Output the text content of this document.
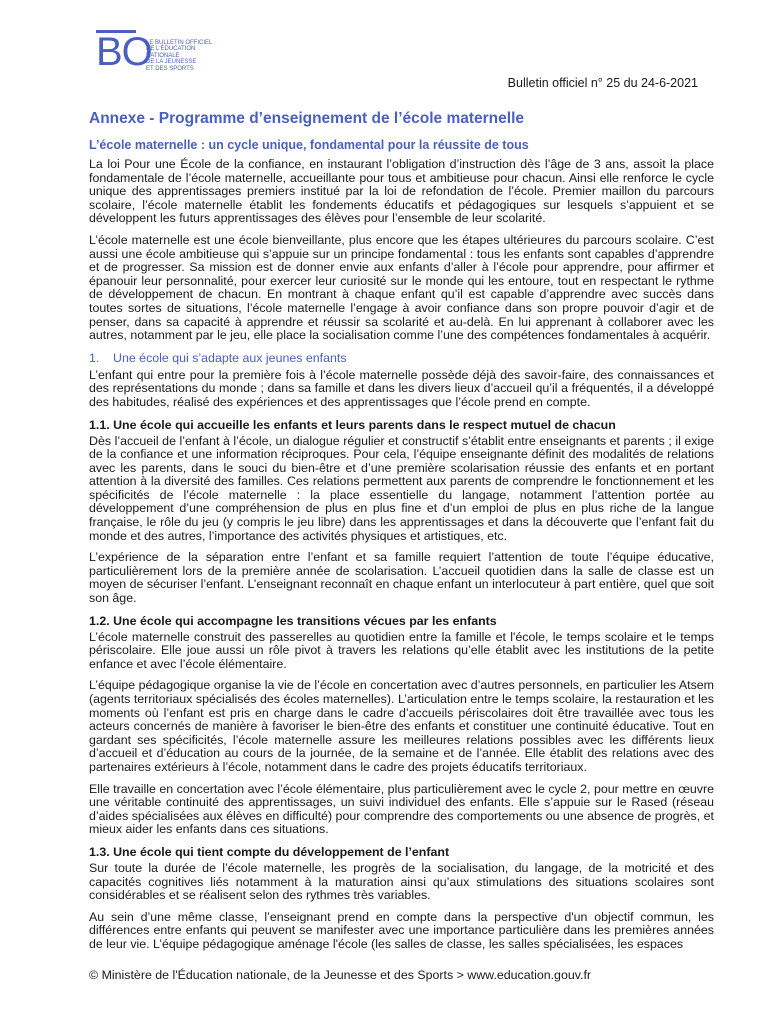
BO
LE BULLETIN OFFICIEL
DE L'ÉDUCATION
NATIONALE
DE LA JEUNESSE
ET DES SPORTS
Bulletin officiel n° 25 du 24-6-2021
Annexe - Programme d’enseignement de l’école maternelle
L’école maternelle : un cycle unique, fondamental pour la réussite de tous

La loi Pour une École de la confiance, en instaurant l’obligation d’instruction dès l’âge de 3 ans, assoit la place fondamentale de l’école maternelle, accueillante pour tous et ambitieuse pour chacun. Ainsi elle renforce le cycle unique des apprentissages premiers institué par la loi de refondation de l’école. Premier maillon du parcours scolaire, l’école maternelle établit les fondements éducatifs et pédagogiques sur lesquels s’appuient et se développent les futurs apprentissages des élèves pour l’ensemble de leur scolarité.

L’école maternelle est une école bienveillante, plus encore que les étapes ultérieures du parcours scolaire. C’est aussi une école ambitieuse qui s’appuie sur un principe fondamental : tous les enfants sont capables d’apprendre et de progresser. Sa mission est de donner envie aux enfants d’aller à l’école pour apprendre, pour affirmer et épanouir leur personnalité, pour exercer leur curiosité sur le monde qui les entoure, tout en respectant le rythme de développement de chacun. En montrant à chaque enfant qu’il est capable d’apprendre avec succès dans toutes sortes de situations, l’école maternelle l’engage à avoir confiance dans son propre pouvoir d’agir et de penser, dans sa capacité à apprendre et réussir sa scolarité et au-delà. En lui apprenant à collaborer avec les autres, notamment par le jeu, elle place la socialisation comme l’une des compétences fondamentales à acquérir.

1. Une école qui s’adapte aux jeunes enfants

L’enfant qui entre pour la première fois à l’école maternelle possède déjà des savoir-faire, des connaissances et des représentations du monde ; dans sa famille et dans les divers lieux d’accueil qu’il a fréquentés, il a développé des habitudes, réalisé des expériences et des apprentissages que l’école prend en compte.

1.1. Une école qui accueille les enfants et leurs parents dans le respect mutuel de chacun

Dès l’accueil de l’enfant à l’école, un dialogue régulier et constructif s’établit entre enseignants et parents ; il exige de la confiance et une information réciproques. Pour cela, l’équipe enseignante définit des modalités de relations avec les parents, dans le souci du bien-être et d’une première scolarisation réussie des enfants et en portant attention à la diversité des familles. Ces relations permettent aux parents de comprendre le fonctionnement et les spécificités de l’école maternelle : la place essentielle du langage, notamment l’attention portée au développement d’une compréhension de plus en plus fine et d’un emploi de plus en plus riche de la langue française, le rôle du jeu (y compris le jeu libre) dans les apprentissages et dans la découverte que l’enfant fait du monde et des autres, l’importance des activités physiques et artistiques, etc.

L’expérience de la séparation entre l’enfant et sa famille requiert l’attention de toute l’équipe éducative, particulièrement lors de la première année de scolarisation. L’accueil quotidien dans la salle de classe est un moyen de sécuriser l’enfant. L’enseignant reconnaît en chaque enfant un interlocuteur à part entière, quel que soit son âge.

1.2. Une école qui accompagne les transitions vécues par les enfants

L’école maternelle construit des passerelles au quotidien entre la famille et l'école, le temps scolaire et le temps périscolaire. Elle joue aussi un rôle pivot à travers les relations qu’elle établit avec les institutions de la petite enfance et avec l’école élémentaire.

L’équipe pédagogique organise la vie de l’école en concertation avec d’autres personnels, en particulier les Atsem (agents territoriaux spécialisés des écoles maternelles). L’articulation entre le temps scolaire, la restauration et les moments où l’enfant est pris en charge dans le cadre d’accueils périscolaires doit être travaillée avec tous les acteurs concernés de manière à favoriser le bien-être des enfants et constituer une continuité éducative. Tout en gardant ses spécificités, l’école maternelle assure les meilleures relations possibles avec les différents lieux d’accueil et d’éducation au cours de la journée, de la semaine et de l’année. Elle établit des relations avec des partenaires extérieurs à l’école, notamment dans le cadre des projets éducatifs territoriaux.

Elle travaille en concertation avec l’école élémentaire, plus particulièrement avec le cycle 2, pour mettre en œuvre une véritable continuité des apprentissages, un suivi individuel des enfants. Elle s’appuie sur le Rased (réseau d’aides spécialisées aux élèves en difficulté) pour comprendre des comportements ou une absence de progrès, et mieux aider les enfants dans ces situations.

1.3. Une école qui tient compte du développement de l’enfant

Sur toute la durée de l’école maternelle, les progrès de la socialisation, du langage, de la motricité et des capacités cognitives liés notamment à la maturation ainsi qu’aux stimulations des situations scolaires sont considérables et se réalisent selon des rythmes très variables.

Au sein d’une même classe, l’enseignant prend en compte dans la perspective d'un objectif commun, les différences entre enfants qui peuvent se manifester avec une importance particulière dans les premières années de leur vie. L’équipe pédagogique aménage l'école (les salles de classe, les salles spécialisées, les espaces

© Ministère de l'Éducation nationale, de la Jeunesse et des Sports > www.education.gouv.fr
